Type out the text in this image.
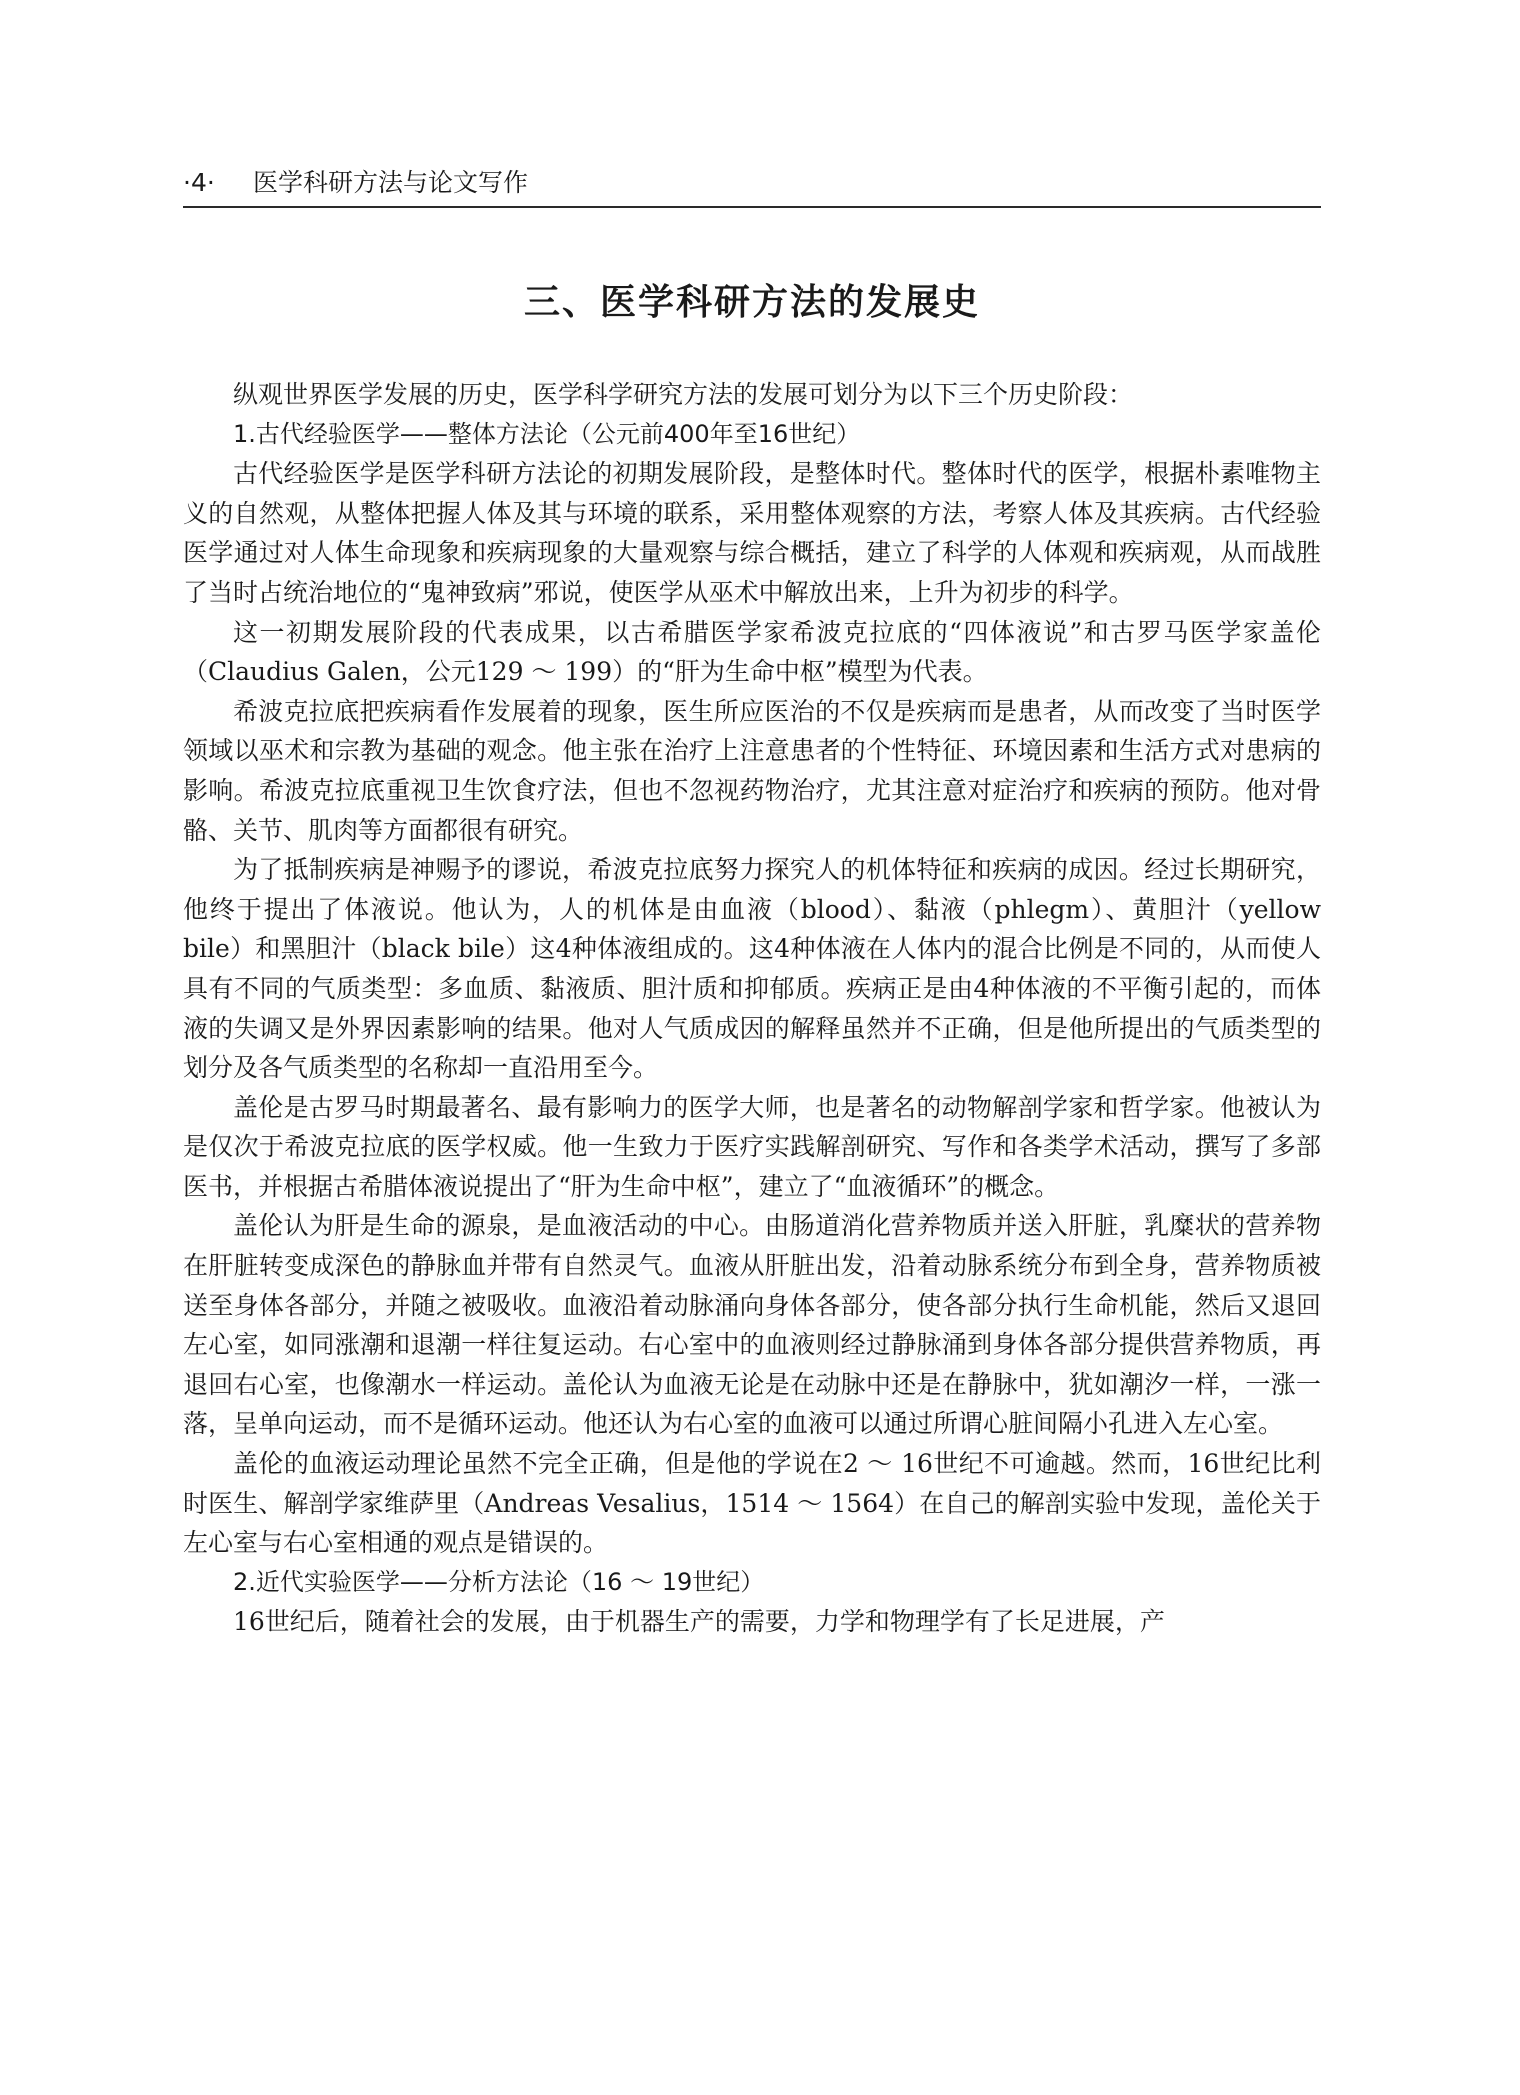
·4· 医学科研方法与论文写作
三、医学科研方法的发展史

纵观世界医学发展的历史，医学科学研究方法的发展可划分为以下三个历史阶段：

1.古代经验医学——整体方法论（公元前400年至16世纪）

古代经验医学是医学科研方法论的初期发展阶段，是整体时代。整体时代的医学，根据朴素唯物主义的自然观，从整体把握人体及其与环境的联系，采用整体观察的方法，考察人体及其疾病。古代经验医学通过对人体生命现象和疾病现象的大量观察与综合概括，建立了科学的人体观和疾病观，从而战胜了当时占统治地位的“鬼神致病”邪说，使医学从巫术中解放出来，上升为初步的科学。

这一初期发展阶段的代表成果，以古希腊医学家希波克拉底的“四体液说”和古罗马医学家盖伦（Claudius Galen，公元129 ～ 199）的“肝为生命中枢”模型为代表。

希波克拉底把疾病看作发展着的现象，医生所应医治的不仅是疾病而是患者，从而改变了当时医学领域以巫术和宗教为基础的观念。他主张在治疗上注意患者的个性特征、环境因素和生活方式对患病的影响。希波克拉底重视卫生饮食疗法，但也不忽视药物治疗，尤其注意对症治疗和疾病的预防。他对骨骼、关节、肌肉等方面都很有研究。

为了抵制疾病是神赐予的谬说，希波克拉底努力探究人的机体特征和疾病的成因。经过长期研究，他终于提出了体液说。他认为，人的机体是由血液（blood）、黏液（phlegm）、黄胆汁（yellow bile）和黑胆汁（black bile）这4种体液组成的。这4种体液在人体内的混合比例是不同的，从而使人具有不同的气质类型：多血质、黏液质、胆汁质和抑郁质。疾病正是由4种体液的不平衡引起的，而体液的失调又是外界因素影响的结果。他对人气质成因的解释虽然并不正确，但是他所提出的气质类型的划分及各气质类型的名称却一直沿用至今。

盖伦是古罗马时期最著名、最有影响力的医学大师，也是著名的动物解剖学家和哲学家。他被认为是仅次于希波克拉底的医学权威。他一生致力于医疗实践解剖研究、写作和各类学术活动，撰写了多部医书，并根据古希腊体液说提出了“肝为生命中枢”，建立了“血液循环”的概念。

盖伦认为肝是生命的源泉，是血液活动的中心。由肠道消化营养物质并送入肝脏，乳糜状的营养物在肝脏转变成深色的静脉血并带有自然灵气。血液从肝脏出发，沿着动脉系统分布到全身，营养物质被送至身体各部分，并随之被吸收。血液沿着动脉涌向身体各部分，使各部分执行生命机能，然后又退回左心室，如同涨潮和退潮一样往复运动。右心室中的血液则经过静脉涌到身体各部分提供营养物质，再退回右心室，也像潮水一样运动。盖伦认为血液无论是在动脉中还是在静脉中，犹如潮汐一样，一涨一落，呈单向运动，而不是循环运动。他还认为右心室的血液可以通过所谓心脏间隔小孔进入左心室。

盖伦的血液运动理论虽然不完全正确，但是他的学说在2 ～ 16世纪不可逾越。然而，16世纪比利时医生、解剖学家维萨里（Andreas Vesalius，1514 ～ 1564）在自己的解剖实验中发现，盖伦关于左心室与右心室相通的观点是错误的。

2.近代实验医学——分析方法论（16 ～ 19世纪）

16世纪后，随着社会的发展，由于机器生产的需要，力学和物理学有了长足进展，产
